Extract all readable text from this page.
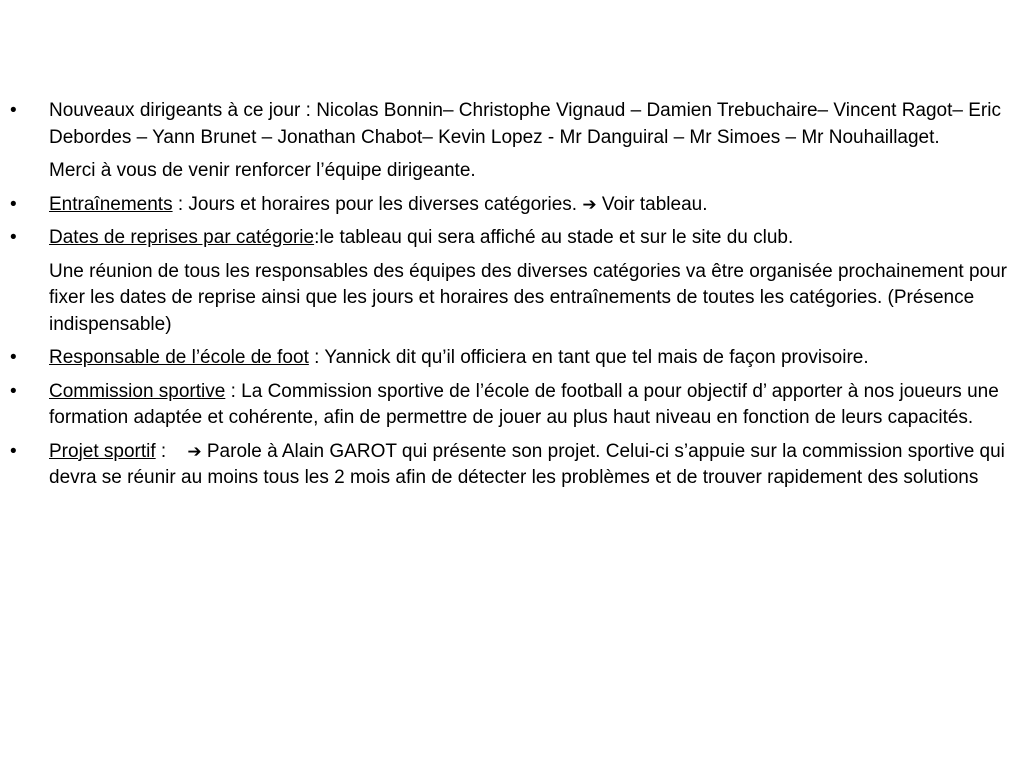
•	Nouveaux dirigeants à ce jour : Nicolas Bonnin– Christophe Vignaud – Damien Trebuchaire– Vincent Ragot– Eric Debordes – Yann Brunet – Jonathan Chabot– Kevin Lopez - Mr Danguiral – Mr Simoes – Mr Nouhaillaget.
Merci à vous de venir renforcer l’équipe dirigeante.
•	Entraînements : Jours et horaires pour les diverses catégories. ➔ Voir tableau.
•	Dates de reprises par catégorie:le tableau qui sera affiché au stade et sur le site du club.
Une réunion de tous les responsables des équipes des diverses catégories va être organisée prochainement pour fixer les dates de reprise ainsi que les jours et horaires des entraînements de toutes les catégories. (Présence indispensable)
•	Responsable de l’école de foot : Yannick dit qu’il officiera en tant que tel mais de façon provisoire.
•	Commission sportive : La Commission sportive de l’école de football a pour objectif d’ apporter à nos joueurs une formation adaptée et cohérente, afin de permettre de jouer au plus haut niveau en fonction de leurs capacités.
•	Projet sportif :    ➔ Parole à Alain GAROT qui présente son projet. Celui-ci s’appuie sur la commission sportive qui devra se réunir au moins tous les 2 mois afin de détecter les problèmes et de trouver rapidement des solutions
